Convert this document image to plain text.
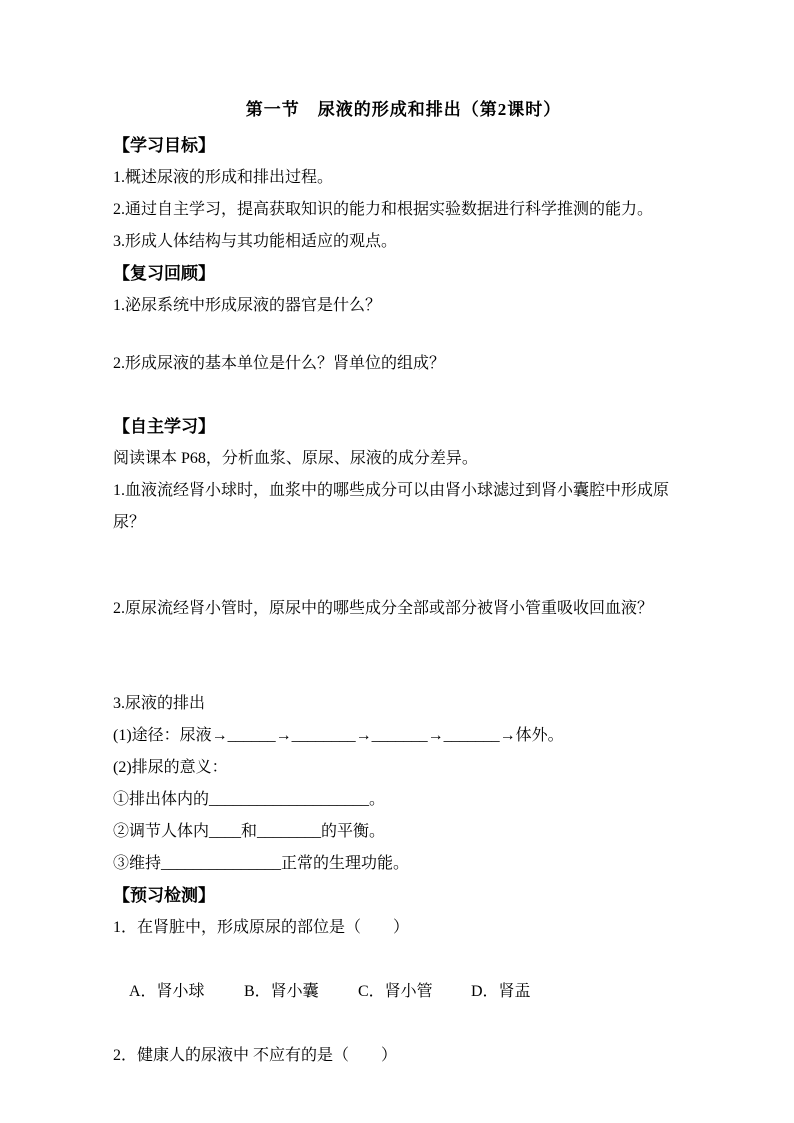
第一节　尿液的形成和排出（第2课时）
【学习目标】
1.概述尿液的形成和排出过程。
2.通过自主学习，提高获取知识的能力和根据实验数据进行科学推测的能力。
3.形成人体结构与其功能相适应的观点。
【复习回顾】
1.泌尿系统中形成尿液的器官是什么？
2.形成尿液的基本单位是什么？肾单位的组成？
【自主学习】
阅读课本 P68，分析血浆、原尿、尿液的成分差异。
1.血液流经肾小球时，血浆中的哪些成分可以由肾小球滤过到肾小囊腔中形成原
尿？
2.原尿流经肾小管时，原尿中的哪些成分全部或部分被肾小管重吸收回血液？
3.尿液的排出
(1)途径：尿液→______→________→_______→_______→体外。
(2)排尿的意义：
①排出体内的____________________。
②调节人体内____和________的平衡。
③维持_______________正常的生理功能。
【预习检测】
1．在肾脏中，形成原尿的部位是（　　）

A．肾小球 B．肾小囊 C．肾小管 D．肾盂

2．健康人的尿液中 不应有的是（　　）
